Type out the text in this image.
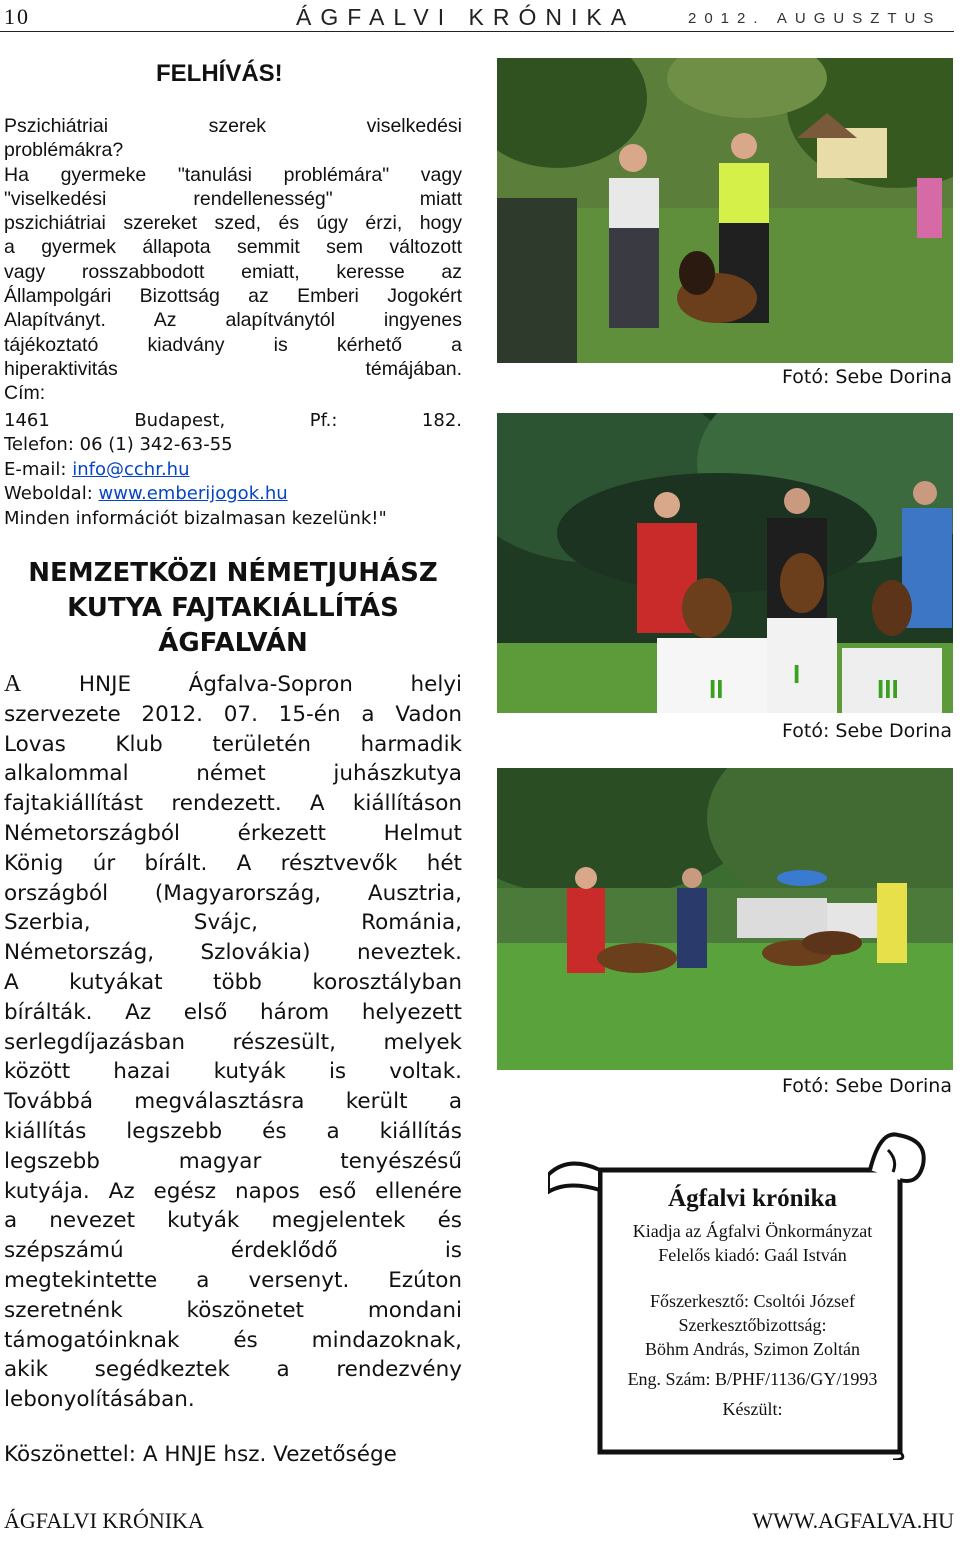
10	ÁGFALVI KRÓNIKA	2012. AUGUSZTUS
FELHÍVÁS!
Pszichiátriai szerek viselkedési
problémákra?
Ha gyermeke "tanulási problémára" vagy
"viselkedési rendellenesség" miatt
pszichiátriai szereket szed, és úgy érzi, hogy
a gyermek állapota semmit sem változott
vagy rosszabbodott emiatt, keresse az
Állampolgári Bizottság az Emberi Jogokért
Alapítványt. Az alapítványtól ingyenes
tájékoztató kiadvány is kérhető a
hiperaktivitás témájában.
Cím:
1461 Budapest, Pf.: 182.
Telefon: 06 (1) 342-63-55
E-mail: info@cchr.hu
Weboldal: www.emberijogok.hu
Minden információt bizalmasan kezelünk!"
NEMZETKÖZI NÉMETJUHÁSZ
KUTYA FAJTAKIÁLLÍTÁS
ÁGFALVÁN
A HNJE Ágfalva-Sopron helyi
szervezete 2012. 07. 15-én a Vadon
Lovas Klub területén harmadik
alkalommal német juhászkutya
fajtakiállítást rendezett. A kiállításon
Németországból érkezett Helmut
König úr bírált. A résztvevők hét
országból (Magyarország, Ausztria,
Szerbia, Svájc, Románia,
Németország, Szlovákia) neveztek.
A kutyákat több korosztályban
bírálták. Az első három helyezett
serlegdíjazásban részesült, melyek
között hazai kutyák is voltak.
Továbbá megválasztásra került a
kiállítás legszebb és a kiállítás
legszebb magyar tenyészésű
kutyája. Az egész napos eső ellenére
a nevezet kutyák megjelentek és
szépszámú érdeklődő is
megtekintette a versenyt. Ezúton
szeretnénk köszönetet mondani
támogatóinknak és mindazoknak,
akik segédkeztek a rendezvény
lebonyolításában.
Köszönettel: A HNJE hsz. Vezetősége
Fotó: Sebe Dorina
II	I	III
Fotó: Sebe Dorina
Fotó: Sebe Dorina
Ágfalvi krónika
Kiadja az Ágfalvi Önkormányzat
Felelős kiadó: Gaál István
Főszerkesztő: Csoltói József
Szerkesztőbizottság:
Böhm András, Szimon Zoltán
Eng. Szám: B/PHF/1136/GY/1993
Készült:
ÁGFALVI KRÓNIKA	WWW.AGFALVA.HU
